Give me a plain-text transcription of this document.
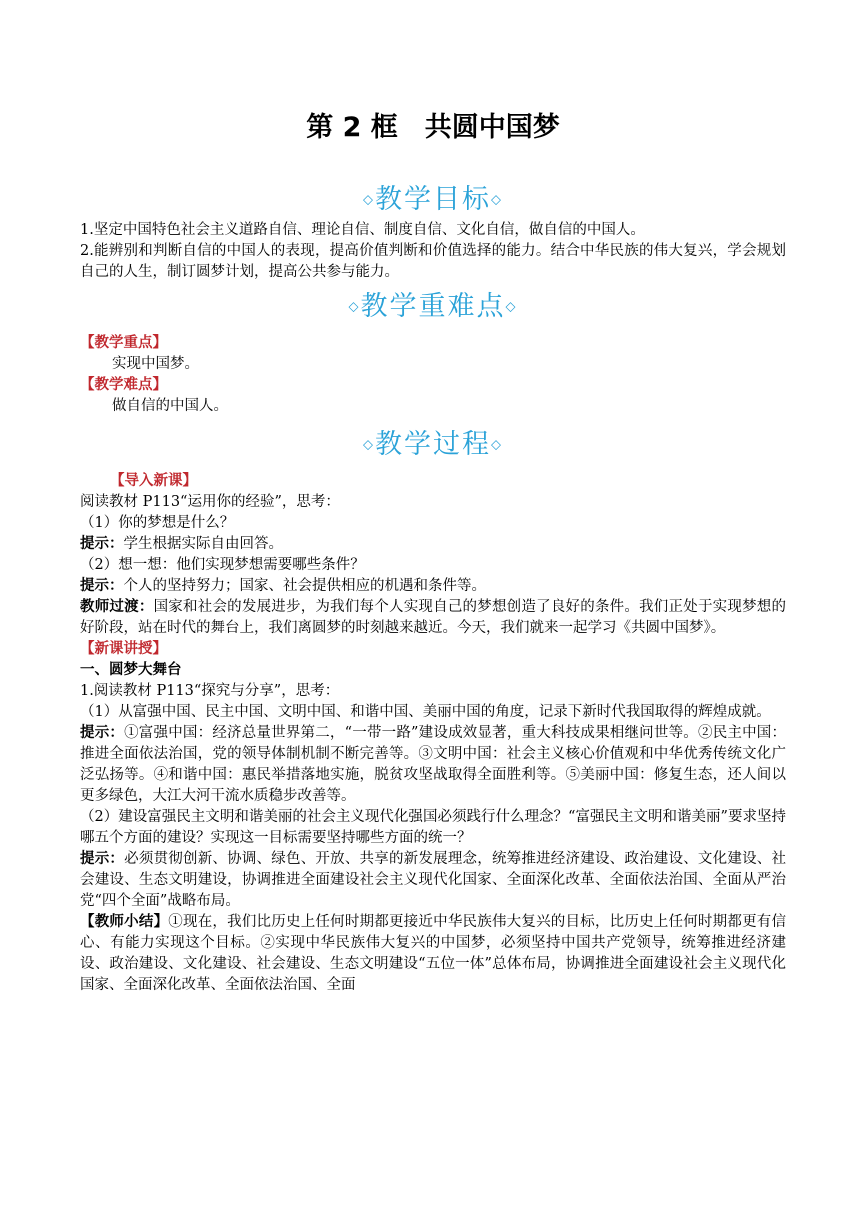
第 2 框　共圆中国梦
◇教学目标◇

1.坚定中国特色社会主义道路自信、理论自信、制度自信、文化自信，做自信的中国人。

2.能辨别和判断自信的中国人的表现，提高价值判断和价值选择的能力。结合中华民族的伟大复兴，学会规划自己的人生，制订圆梦计划，提高公共参与能力。

◇教学重难点◇

【教学重点】

实现中国梦。

【教学难点】

做自信的中国人。

◇教学过程◇

【导入新课】

阅读教材 P113“运用你的经验”，思考：

（1）你的梦想是什么？

提示：学生根据实际自由回答。

（2）想一想：他们实现梦想需要哪些条件？

提示：个人的坚持努力；国家、社会提供相应的机遇和条件等。

教师过渡：国家和社会的发展进步，为我们每个人实现自己的梦想创造了良好的条件。我们正处于实现梦想的好阶段，站在时代的舞台上，我们离圆梦的时刻越来越近。今天，我们就来一起学习《共圆中国梦》。

【新课讲授】

一、圆梦大舞台

1.阅读教材 P113“探究与分享”，思考：

（1）从富强中国、民主中国、文明中国、和谐中国、美丽中国的角度，记录下新时代我国取得的辉煌成就。

提示：①富强中国：经济总量世界第二，“一带一路”建设成效显著，重大科技成果相继问世等。②民主中国：推进全面依法治国，党的领导体制机制不断完善等。③文明中国：社会主义核心价值观和中华优秀传统文化广泛弘扬等。④和谐中国：惠民举措落地实施，脱贫攻坚战取得全面胜利等。⑤美丽中国：修复生态，还人间以更多绿色，大江大河干流水质稳步改善等。

（2）建设富强民主文明和谐美丽的社会主义现代化强国必须践行什么理念？“富强民主文明和谐美丽”要求坚持哪五个方面的建设？实现这一目标需要坚持哪些方面的统一？

提示：必须贯彻创新、协调、绿色、开放、共享的新发展理念，统筹推进经济建设、政治建设、文化建设、社会建设、生态文明建设，协调推进全面建设社会主义现代化国家、全面深化改革、全面依法治国、全面从严治党“四个全面”战略布局。

【教师小结】①现在，我们比历史上任何时期都更接近中华民族伟大复兴的目标，比历史上任何时期都更有信心、有能力实现这个目标。②实现中华民族伟大复兴的中国梦，必须坚持中国共产党领导，统筹推进经济建设、政治建设、文化建设、社会建设、生态文明建设“五位一体”总体布局，协调推进全面建设社会主义现代化国家、全面深化改革、全面依法治国、全面
